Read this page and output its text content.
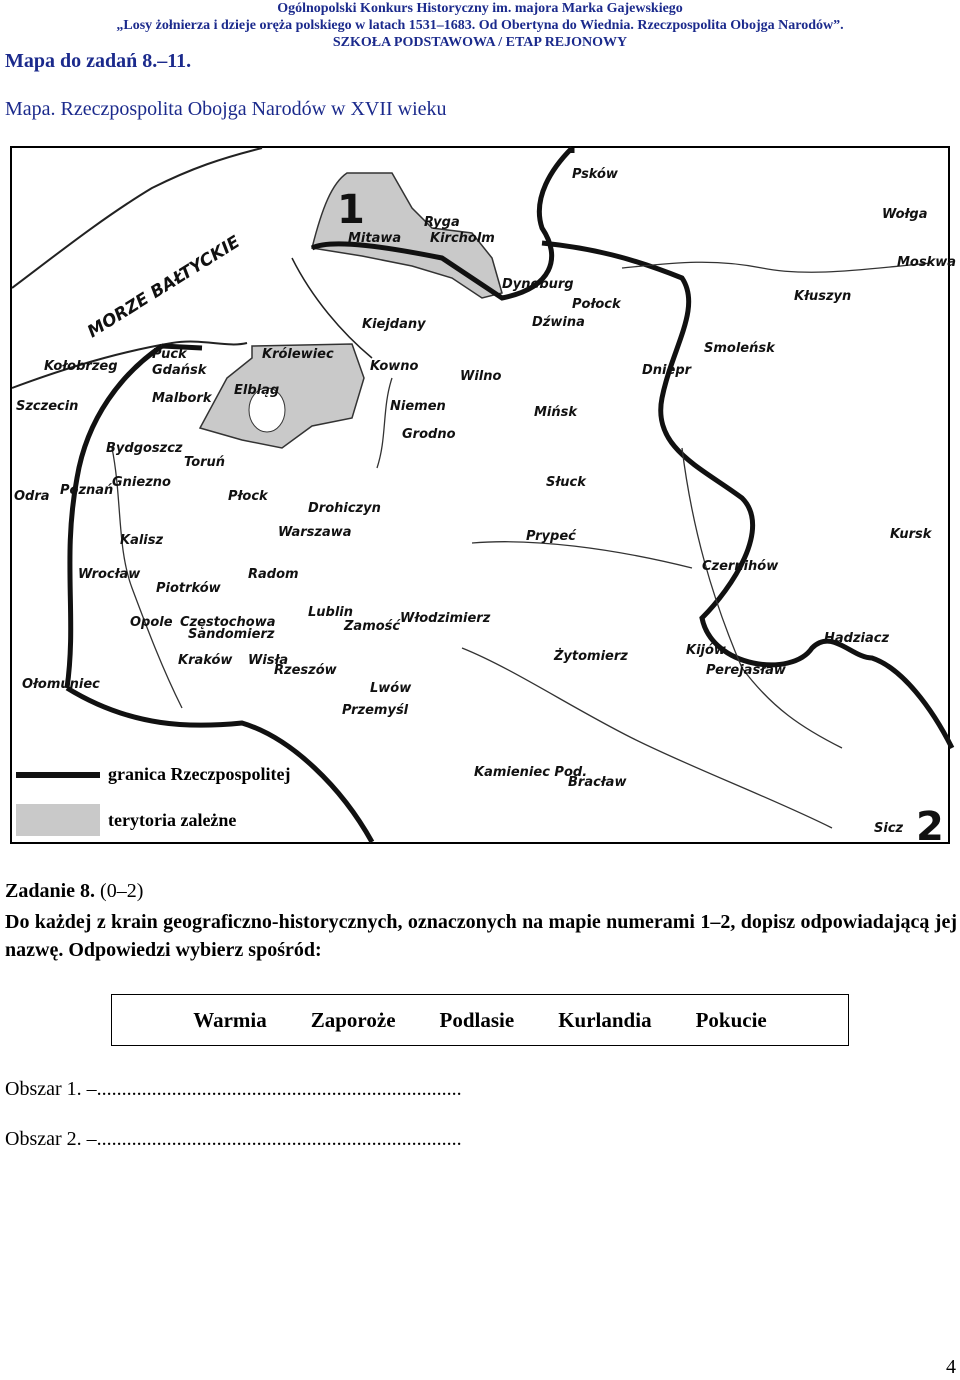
Ogólnopolski Konkurs Historyczny im. majora Marka Gajewskiego
„Losy żołnierza i dzieje oręża polskiego w latach 1531–1683. Od Obertyna do Wiednia. Rzeczpospolita Obojga Narodów”.
SZKOŁA PODSTAWOWA / ETAP REJONOWY
Mapa do zadań 8.–11.
Mapa. Rzeczpospolita Obojga Narodów w XVII wieku
MORZE BAŁTYCKIE
1
2
Psków
Ryga
Kircholm
Mitawa
Wołga
Moskwa
Dyneburg
Dźwina
Połock
Kłuszyn
Kiejdany
Kołobrzeg
Puck
Gdańsk
Królewiec
Elbląg
Kowno
Wilno
Smoleńsk
Dniepr
Szczecin
Malbork
Niemen	Mińsk
Grodno
Bydgoszcz
Toruń
Gniezno	Słuck
Odra Poznań	Płock
Drohiczyn
Warszawa	Prypeć	Kursk
Kalisz
Czernihów
Wrocław
Piotrków
Radom
Opole Częstochowa
Sandomierz
Lublin
Zamość
Włodzimierz
Kijów
Hadziacz
Kraków Wisła
Rzeszów
Żytomierz
Perejasław
Ołomuniec	Lwów
Przemyśl
Kamieniec Pod.
Bracław
Sicz
granica Rzeczpospolitej
terytoria zależne
Zadanie 8. (0–2)
Do każdej z krain geograficzno-historycznych, oznaczonych na mapie numerami 1–2, dopisz odpowiadającą jej nazwę. Odpowiedzi wybierz spośród:
Warmia Zaporoże Podlasie Kurlandia Pokucie
Obszar 1. –.........................................................................
Obszar 2. –.........................................................................
4
